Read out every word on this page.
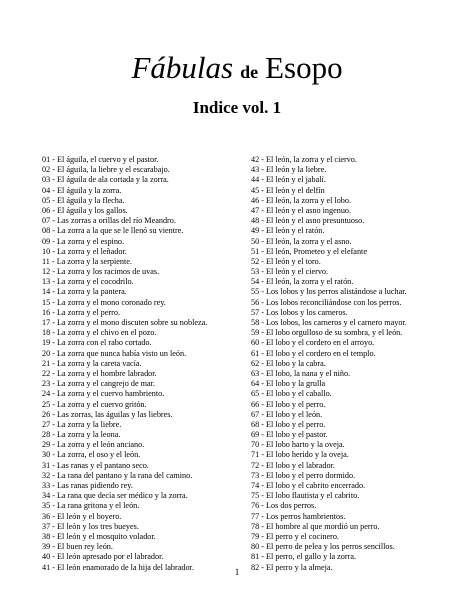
Fábulas de Esopo
Indice vol. 1
01 - El águila, el cuervo y el pastor.
02 - El águila, la liebre y el escarabajo.
03 - El águila de ala cortada y la zorra.
04 - El águila y la zorra.
05 - El águila y la flecha.
06 - El águila y los gallos.
07 - Las zorras a orillas del río Meandro.
08 - La zorra a la que se le llenó su vientre.
09 - La zorra y el espino.
10 - La zorra y el leñador.
11 - La zorra y la serpiente.
12 - La zorra y los racimos de uvas.
13 - La zorra y el cocodrilo.
14 - La zorra y la pantera.
15 - La zorra y el mono coronado rey.
16 - La zorra y el perro.
17 - La zorra y el mono discuten sobre su nobleza.
18 - La zorra y el chivo en el pozo.
19 - La zorra con el rabo cortado.
20 - La zorra que nunca había visto un león.
21 - La zorra y la careta vacía.
22 - La zorra y el hombre labrador.
23 - La zorra y el cangrejo de mar.
24 - La zorra y el cuervo hambriento.
25 - La zorra y el cuervo gritón.
26 - Las zorras, las águilas y las liebres.
27 - La zorra y la liebre.
28 - La zorra y la leona.
29 - La zorra y el león anciano.
30 - La zorra, el oso y el león.
31 - Las ranas y el pantano seco.
32 - La rana del pantano y la rana del camino.
33 - Las ranas pidiendo rey.
34 - La rana que decía ser médico y la zorra.
35 - La rana gritona y el león.
36 - El león y el boyero.
37 - El león y los tres bueyes.
38 - El león y el mosquito volador.
39 - El buen rey león.
40 - El león apresado por el labrador.
41 - El león enamorado de la hija del labrador.
42 - El león, la zorra y el ciervo.
43 - El león y la liebre.
44 - El león y el jabalí.
45 - El león y el delfín
46 - El león, la zorra y el lobo.
47 - El león y el asno ingenuo.
48 - El león y el asno presuntuoso.
49 - El león y el ratón.
50 - El león, la zorra y el asno.
51 - El león, Prometeo y el elefante
52 - El león y el toro.
53 - El león y el ciervo.
54 - El león, la zorra y el ratón.
55 - Los lobos y los perros alistándose a luchar.
56 - Los lobos reconciliándose con los perros.
57 - Los lobos y los carneros.
58 - Los lobos, los carneros y el carnero mayor.
59 - El lobo orgulloso de su sombra, y el león.
60 - El lobo y el cordero en el arroyo.
61 - El lobo y el cordero en el templo.
62 - El lobo y la cabra.
63 - El lobo, la nana y el niño.
64 - El lobo y la grulla
65 - El lobo y el caballo.
66 - El lobo y el perro.
67 - El lobo y el león.
68 - El lobo y el perro.
69 - El lobo y el pastor.
70 - El lobo harto y la oveja.
71 - El lobo herido y la oveja.
72 - El lobo y el labrador.
73 - El lobo y el perro dormido.
74 - El lobo y el cabrito encerrado.
75 - El lobo flautista y el cabrito.
76 - Los dos perros.
77 - Los perros hambrientos.
78 - El hombre al que mordió un perro.
79 - El perro y el cocinero.
80 - El perro de pelea y los perros sencillos.
81 - El perro, el gallo y la zorra.
82 - El perro y la almeja.
1
